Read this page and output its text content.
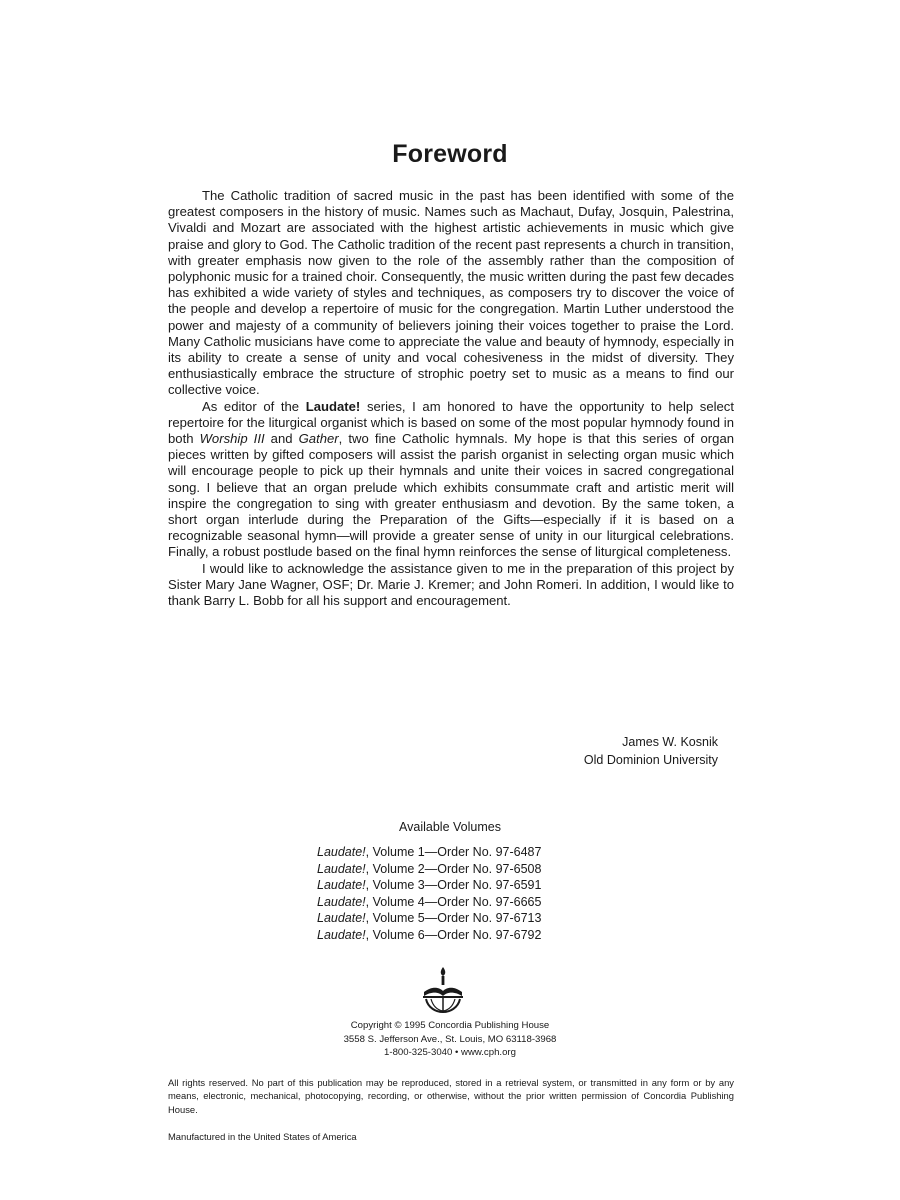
Foreword

The Catholic tradition of sacred music in the past has been identified with some of the greatest composers in the history of music. Names such as Machaut, Dufay, Josquin, Palestrina, Vivaldi and Mozart are associated with the highest artistic achievements in music which give praise and glory to God. The Catholic tradition of the recent past represents a church in transition, with greater emphasis now given to the role of the assembly rather than the composition of polyphonic music for a trained choir. Consequently, the music written during the past few decades has exhibited a wide variety of styles and techniques, as composers try to discover the voice of the people and develop a repertoire of music for the congregation. Martin Luther understood the power and majesty of a community of believers joining their voices together to praise the Lord. Many Catholic musicians have come to appreciate the value and beauty of hymnody, especially in its ability to create a sense of unity and vocal cohesiveness in the midst of diversity. They enthusiastically embrace the structure of strophic poetry set to music as a means to find our collective voice.

As editor of the Laudate! series, I am honored to have the opportunity to help select repertoire for the liturgical organist which is based on some of the most popular hymnody found in both Worship III and Gather, two fine Catholic hymnals. My hope is that this series of organ pieces written by gifted composers will assist the parish organist in selecting organ music which will encourage people to pick up their hymnals and unite their voices in sacred congregational song. I believe that an organ prelude which exhibits consummate craft and artistic merit will inspire the congregation to sing with greater enthusiasm and devotion. By the same token, a short organ interlude during the Preparation of the Gifts—especially if it is based on a recognizable seasonal hymn—will provide a greater sense of unity in our liturgical celebrations. Finally, a robust postlude based on the final hymn reinforces the sense of liturgical completeness.

I would like to acknowledge the assistance given to me in the preparation of this project by Sister Mary Jane Wagner, OSF; Dr. Marie J. Kremer; and John Romeri. In addition, I would like to thank Barry L. Bobb for all his support and encouragement.

James W. Kosnik
Old Dominion University
Available Volumes
Laudate!, Volume 1—Order No. 97-6487
Laudate!, Volume 2—Order No. 97-6508
Laudate!, Volume 3—Order No. 97-6591
Laudate!, Volume 4—Order No. 97-6665
Laudate!, Volume 5—Order No. 97-6713
Laudate!, Volume 6—Order No. 97-6792
Copyright © 1995 Concordia Publishing House
3558 S. Jefferson Ave., St. Louis, MO 63118-3968
1-800-325-3040 • www.cph.org
All rights reserved. No part of this publication may be reproduced, stored in a retrieval system, or transmitted in any form or by any means, electronic, mechanical, photocopying, recording, or otherwise, without the prior written permission of Concordia Publishing House.
Manufactured in the United States of America
